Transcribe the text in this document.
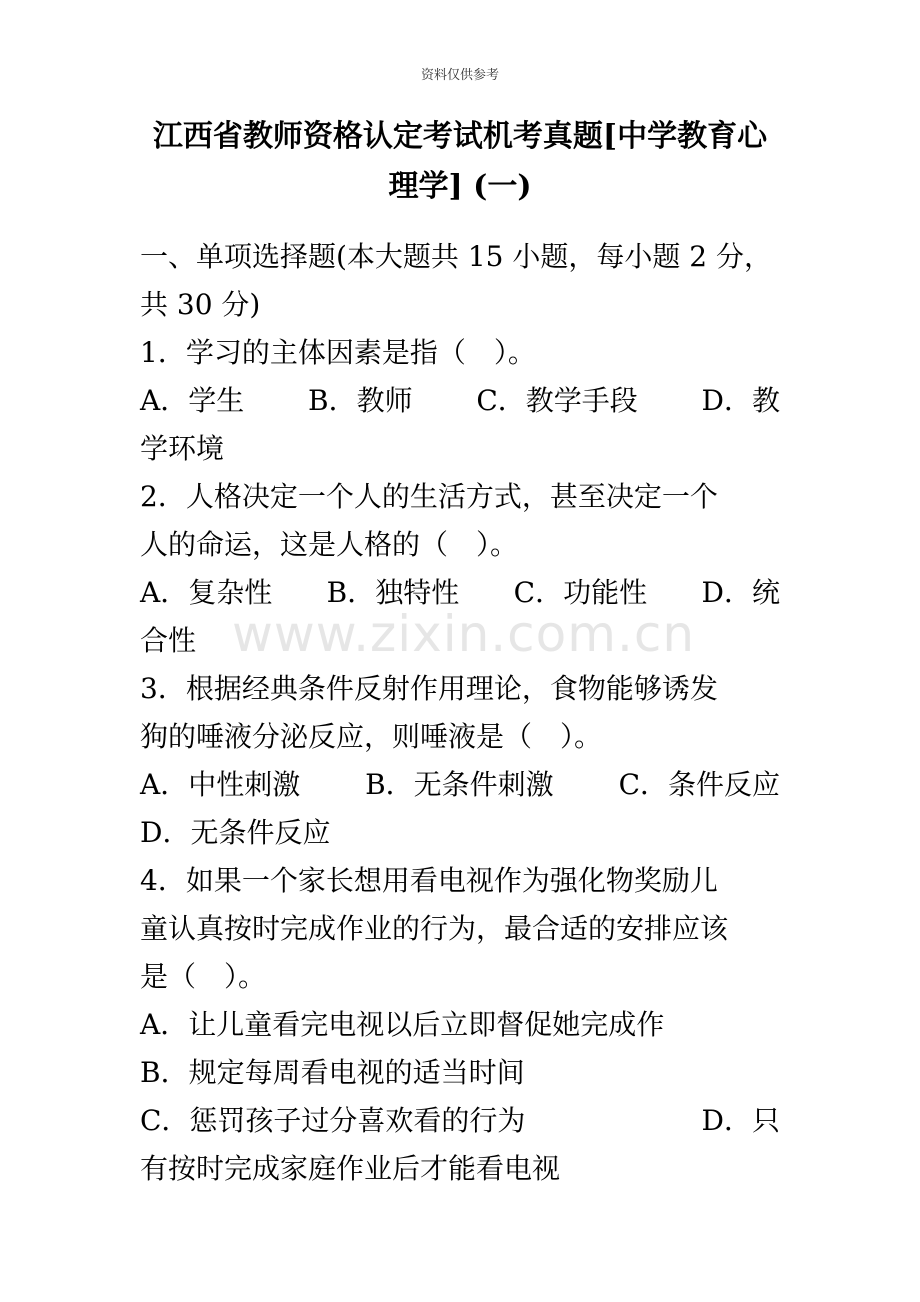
资料仅供参考
江西省教师资格认定考试机考真题[中学教育心
理学] (一)
一、单项选择题(本大题共 15 小题，每小题 2 分，
共 30 分)
1．学习的主体因素是指（　）。
A．学生 B．教师 C．教学手段 D．教
学环境
2．人格决定一个人的生活方式，甚至决定一个
人的命运，这是人格的（　）。
A．复杂性 B．独特性 C．功能性 D．统
合性
3．根据经典条件反射作用理论，食物能够诱发
狗的唾液分泌反应，则唾液是（　）。
A．中性刺激 B．无条件刺激 C．条件反应
D．无条件反应
4．如果一个家长想用看电视作为强化物奖励儿
童认真按时完成作业的行为，最合适的安排应该
是（　）。
A．让儿童看完电视以后立即督促她完成作
B．规定每周看电视的适当时间
C．惩罚孩子过分喜欢看的行为	D．只
有按时完成家庭作业后才能看电视
www.zixin.com.cn
